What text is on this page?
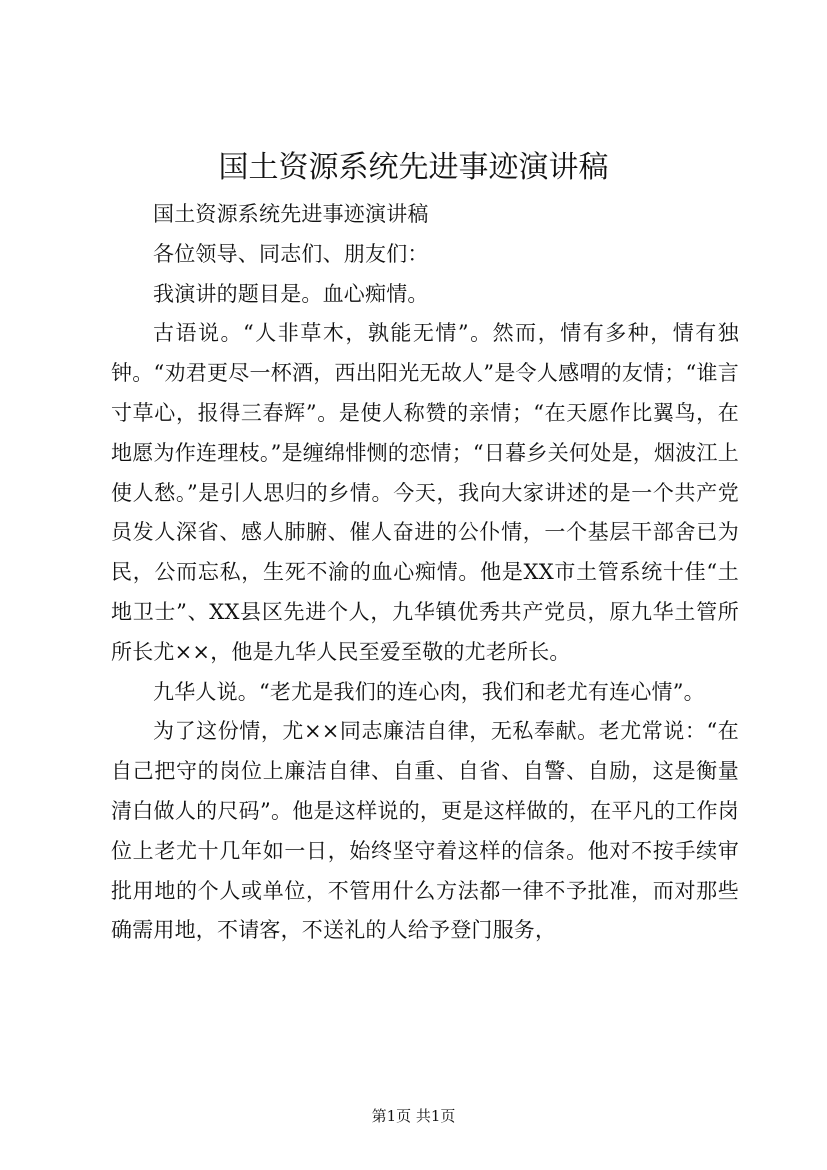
国土资源系统先进事迹演讲稿

国土资源系统先进事迹演讲稿

各位领导、同志们、朋友们：

我演讲的题目是。血心痴情。

古语说。“人非草木，孰能无情”。然而，情有多种，情有独钟。“劝君更尽一杯酒，西出阳光无故人”是令人感喟的友情；“谁言寸草心，报得三春辉”。是使人称赞的亲情；“在天愿作比翼鸟，在地愿为作连理枝。”是缠绵悱恻的恋情；“日暮乡关何处是，烟波江上使人愁。”是引人思归的乡情。今天，我向大家讲述的是一个共产党员发人深省、感人肺腑、催人奋进的公仆情，一个基层干部舍已为民，公而忘私，生死不渝的血心痴情。他是XX市土管系统十佳“土地卫士”、XX县区先进个人，九华镇优秀共产党员，原九华土管所所长尤××，他是九华人民至爱至敬的尤老所长。

九华人说。“老尤是我们的连心肉，我们和老尤有连心情”。

为了这份情，尤××同志廉洁自律，无私奉献。老尤常说：“在自己把守的岗位上廉洁自律、自重、自省、自警、自励，这是衡量清白做人的尺码”。他是这样说的，更是这样做的，在平凡的工作岗位上老尤十几年如一日，始终坚守着这样的信条。他对不按手续审批用地的个人或单位，不管用什么方法都一律不予批准，而对那些确需用地，不请客，不送礼的人给予登门服务，

第1页 共1页
